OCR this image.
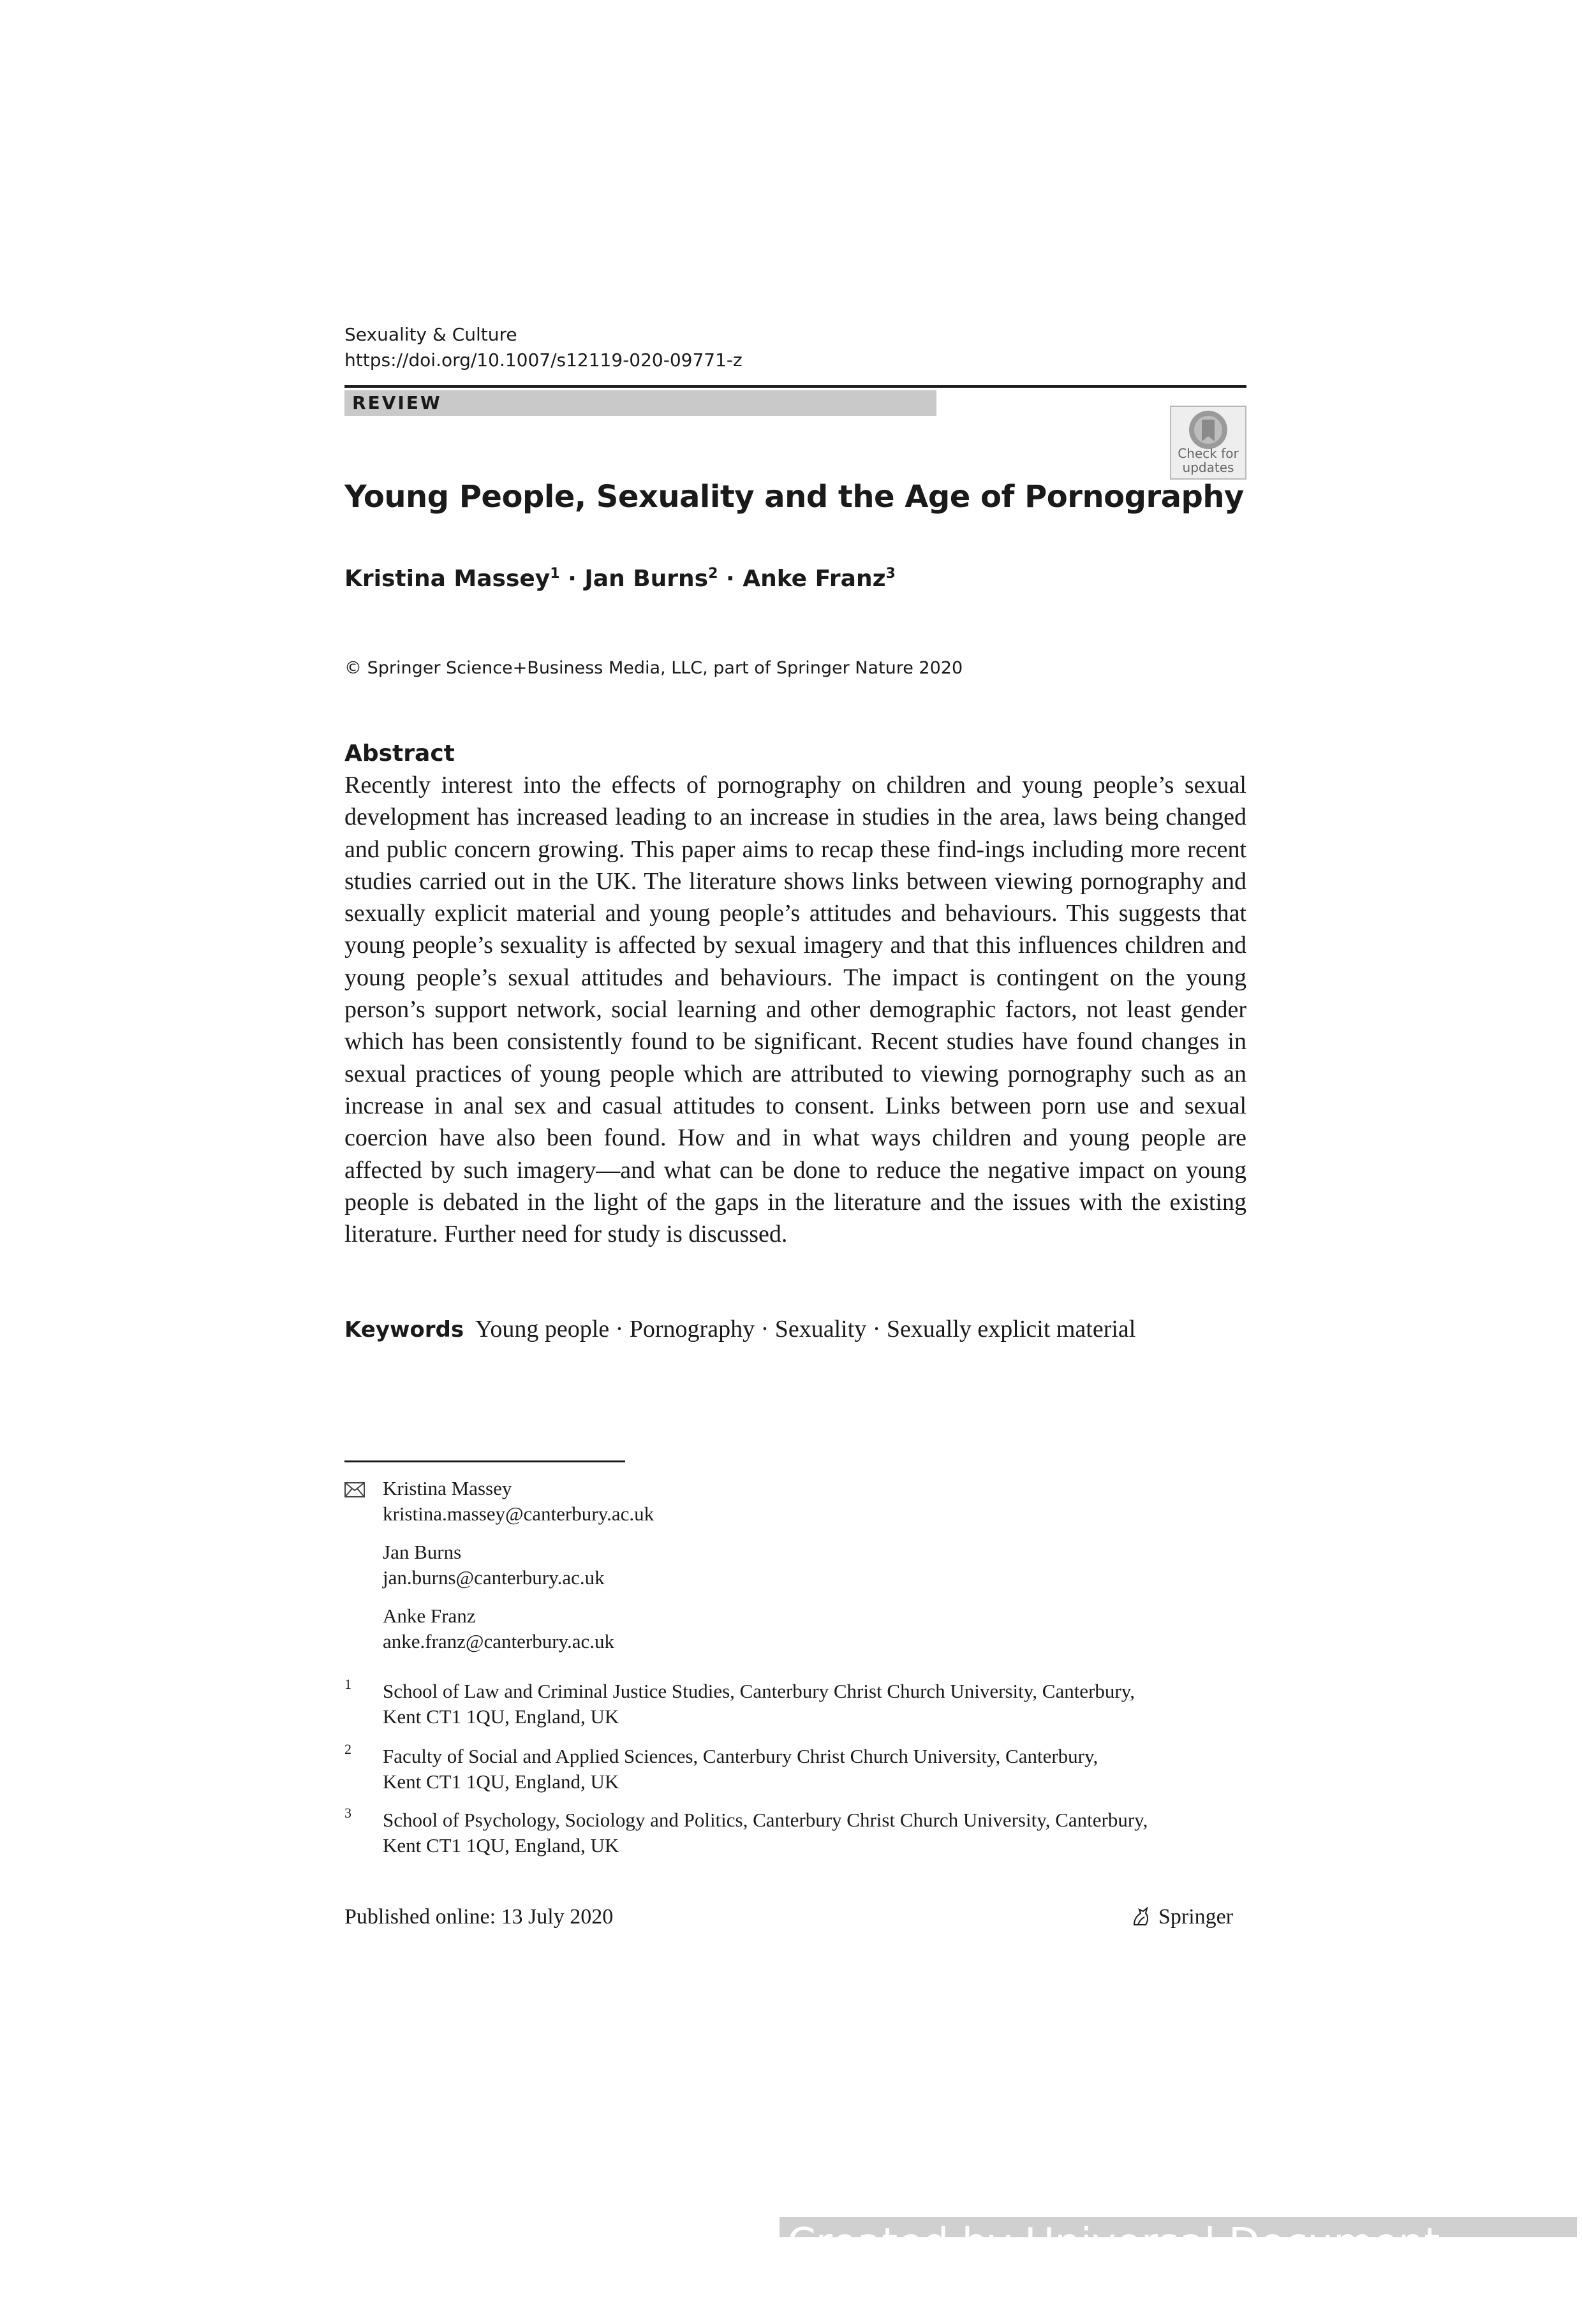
Sexuality & Culture
https://doi.org/10.1007/s12119-020-09771-z
REVIEW
Check for
updates
Young People, Sexuality and the Age of Pornography
Kristina Massey$^1$ · Jan Burns$^2$ · Anke Franz$^3$
© Springer Science+Business Media, LLC, part of Springer Nature 2020
Abstract

Recently interest into the effects of pornography on children and young people’s sexual development has increased leading to an increase in studies in the area, laws being changed and public concern growing. This paper aims to recap these find-ings including more recent studies carried out in the UK. The literature shows links between viewing pornography and sexually explicit material and young people’s attitudes and behaviours. This suggests that young people’s sexuality is affected by sexual imagery and that this influences children and young people’s sexual attitudes and behaviours. The impact is contingent on the young person’s support network, social learning and other demographic factors, not least gender which has been consistently found to be significant. Recent studies have found changes in sexual practices of young people which are attributed to viewing pornography such as an increase in anal sex and casual attitudes to consent. Links between porn use and sexual coercion have also been found. How and in what ways children and young people are affected by such imagery—and what can be done to reduce the negative impact on young people is debated in the light of the gaps in the literature and the issues with the existing literature. Further need for study is discussed.

Keywords Young people · Pornography · Sexuality · Sexually explicit material
Kristina Massey
kristina.massey@canterbury.ac.uk
Jan Burns
jan.burns@canterbury.ac.uk
Anke Franz
anke.franz@canterbury.ac.uk
1 School of Law and Criminal Justice Studies, Canterbury Christ Church University, Canterbury,
Kent CT1 1QU, England, UK
2 Faculty of Social and Applied Sciences, Canterbury Christ Church University, Canterbury,
Kent CT1 1QU, England, UK
3 School of Psychology, Sociology and Politics, Canterbury Christ Church University, Canterbury,
Kent CT1 1QU, England, UK
Published online: 13 July 2020	Springer
Created by Universal Document Converter
